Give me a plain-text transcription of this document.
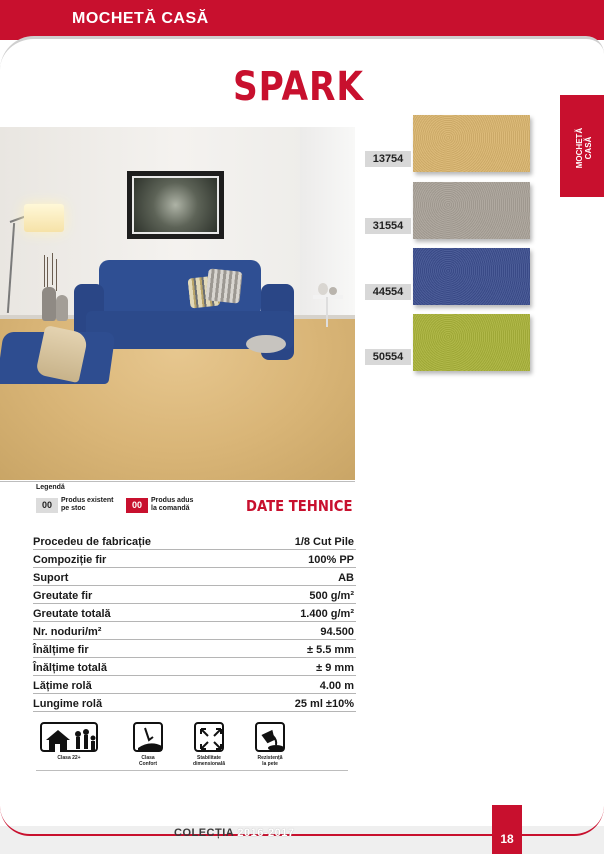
MOCHETĂ CASĂ
SPARK
MOCHETĂ
CASĂ
13754
31554
44554
50554
Legendă
00	Produs existent
pe stoc	00	Produs adus
la comandă	DATE TEHNICE
Procedeu de fabricație	1/8 Cut Pile
Compoziție fir	100% PP
Suport	AB
Greutate fir	500 g/m²
Greutate totală	1.400 g/m²
Nr. noduri/m²	94.500
Înălțime fir	± 5.5 mm
Înălțime totală	± 9 mm
Lățime rolă	4.00 m
Lungime rolă	25 ml ±10%
Clasa 22+	Clasa
Confort
Stabilitate
dimensională
Rezistență
la pete
COLECȚIA 2016-2017	18
